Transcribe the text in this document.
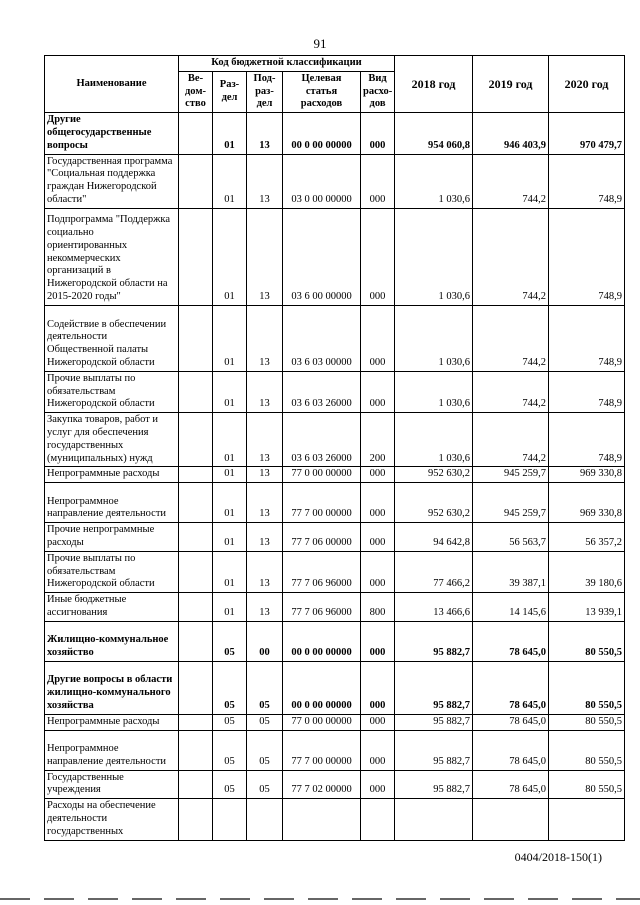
91
Наименование	Код бюджетной классификации					2018 год	2019 год	2020 год
	Ве-дом-ство	Раз-дел	Под-раз-дел	Целевая статья расходов	Вид расхо-дов			
Другие общегосударственные вопросы		01	13	00 0 00 00000	000	954 060,8	946 403,9	970 479,7
Государственная программа "Социальная поддержка граждан Нижегородской области"		01	13	03 0 00 00000	000	1 030,6	744,2	748,9
Подпрограмма "Поддержка социально ориентированных некоммерческих организаций в Нижегородской области на 2015-2020 годы"		01	13	03 6 00 00000	000	1 030,6	744,2	748,9
Содействие в обеспечении деятельности Общественной палаты Нижегородской области		01	13	03 6 03 00000	000	1 030,6	744,2	748,9
Прочие выплаты по обязательствам Нижегородской области		01	13	03 6 03 26000	000	1 030,6	744,2	748,9
Закупка товаров, работ и услуг для обеспечения государственных (муниципальных) нужд		01	13	03 6 03 26000	200	1 030,6	744,2	748,9
Непрограммные расходы		01	13	77 0 00 00000	000	952 630,2	945 259,7	969 330,8
Непрограммное направление деятельности		01	13	77 7 00 00000	000	952 630,2	945 259,7	969 330,8
Прочие непрограммные расходы		01	13	77 7 06 00000	000	94 642,8	56 563,7	56 357,2
Прочие выплаты по обязательствам Нижегородской области		01	13	77 7 06 96000	000	77 466,2	39 387,1	39 180,6
Иные бюджетные ассигнования		01	13	77 7 06 96000	800	13 466,6	14 145,6	13 939,1
Жилищно-коммунальное хозяйство		05	00	00 0 00 00000	000	95 882,7	78 645,0	80 550,5
Другие вопросы в области жилищно-коммунального хозяйства		05	05	00 0 00 00000	000	95 882,7	78 645,0	80 550,5
Непрограммные расходы		05	05	77 0 00 00000	000	95 882,7	78 645,0	80 550,5
Непрограммное направление деятельности		05	05	77 7 00 00000	000	95 882,7	78 645,0	80 550,5
Государственные учреждения		05	05	77 7 02 00000	000	95 882,7	78 645,0	80 550,5
Расходы на обеспечение деятельности государственных								
0404/2018-150(1)
